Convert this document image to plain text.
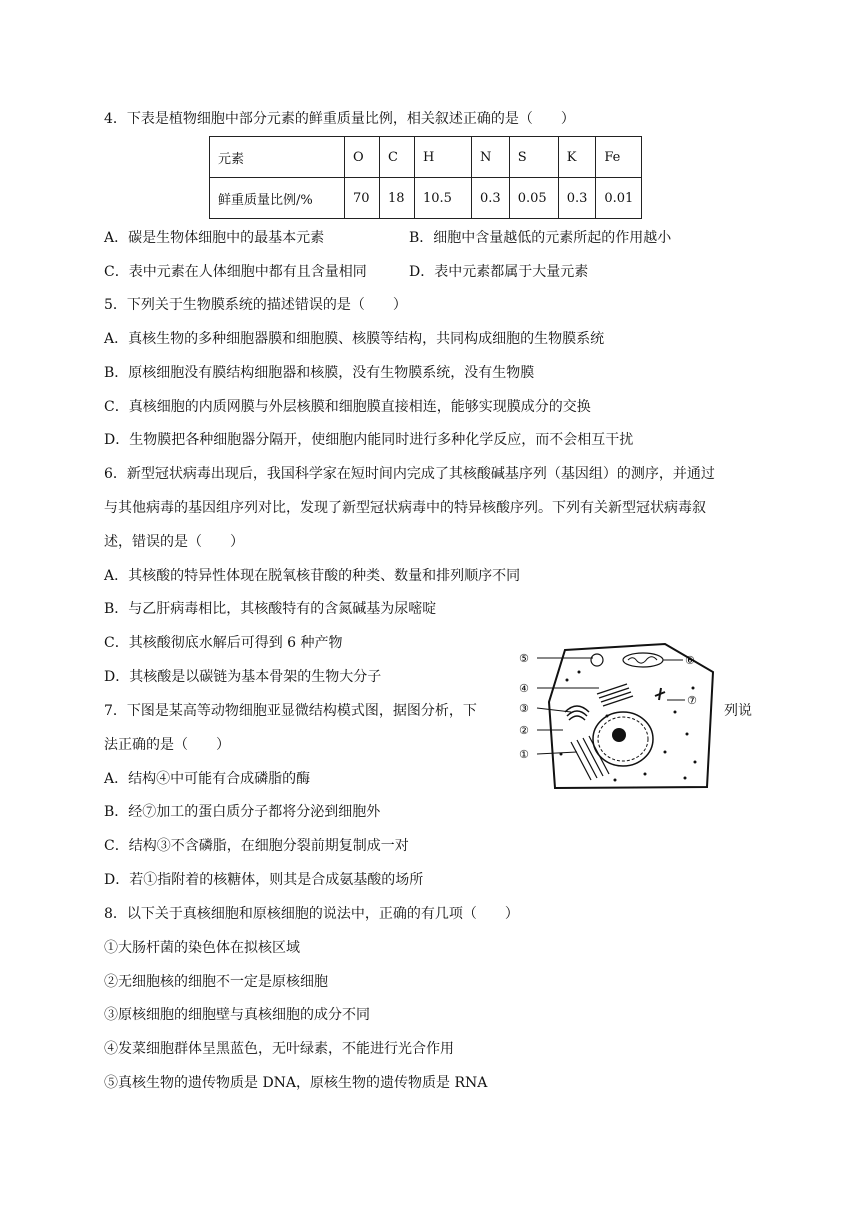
4．下表是植物细胞中部分元素的鲜重质量比例，相关叙述正确的是（　　）
元素	O	C	H	N	S	K	Fe
鲜重质量比例/%	70	18	10.5	0.3	0.05	0.3	0.01
A．碳是生物体细胞中的最基本元素	B．细胞中含量越低的元素所起的作用越小
C．表中元素在人体细胞中都有且含量相同	D．表中元素都属于大量元素
5．下列关于生物膜系统的描述错误的是（　　）
A．真核生物的多种细胞器膜和细胞膜、核膜等结构，共同构成细胞的生物膜系统
B．原核细胞没有膜结构细胞器和核膜，没有生物膜系统，没有生物膜
C．真核细胞的内质网膜与外层核膜和细胞膜直接相连，能够实现膜成分的交换
D．生物膜把各种细胞器分隔开，使细胞内能同时进行多种化学反应，而不会相互干扰
6．新型冠状病毒出现后，我国科学家在短时间内完成了其核酸碱基序列（基因组）的测序，并通过
与其他病毒的基因组序列对比，发现了新型冠状病毒中的特异核酸序列。下列有关新型冠状病毒叙
述，错误的是（　　）
A．其核酸的特异性体现在脱氧核苷酸的种类、数量和排列顺序不同
B．与乙肝病毒相比，其核酸特有的含氮碱基为尿嘧啶
C．其核酸彻底水解后可得到 6 种产物
D．其核酸是以碳链为基本骨架的生物大分子
7．下图是某高等动物细胞亚显微结构模式图，据图分析，下	列说
法正确的是（　　）
A．结构④中可能有合成磷脂的酶
B．经⑦加工的蛋白质分子都将分泌到细胞外
C．结构③不含磷脂，在细胞分裂前期复制成一对
D．若①指附着的核糖体，则其是合成氨基酸的场所
⑤	⑥
④
⑦
③
②
①
8．以下关于真核细胞和原核细胞的说法中，正确的有几项（　　）
①大肠杆菌的染色体在拟核区域
②无细胞核的细胞不一定是原核细胞
③原核细胞的细胞壁与真核细胞的成分不同
④发菜细胞群体呈黑蓝色，无叶绿素，不能进行光合作用
⑤真核生物的遗传物质是 DNA，原核生物的遗传物质是 RNA
